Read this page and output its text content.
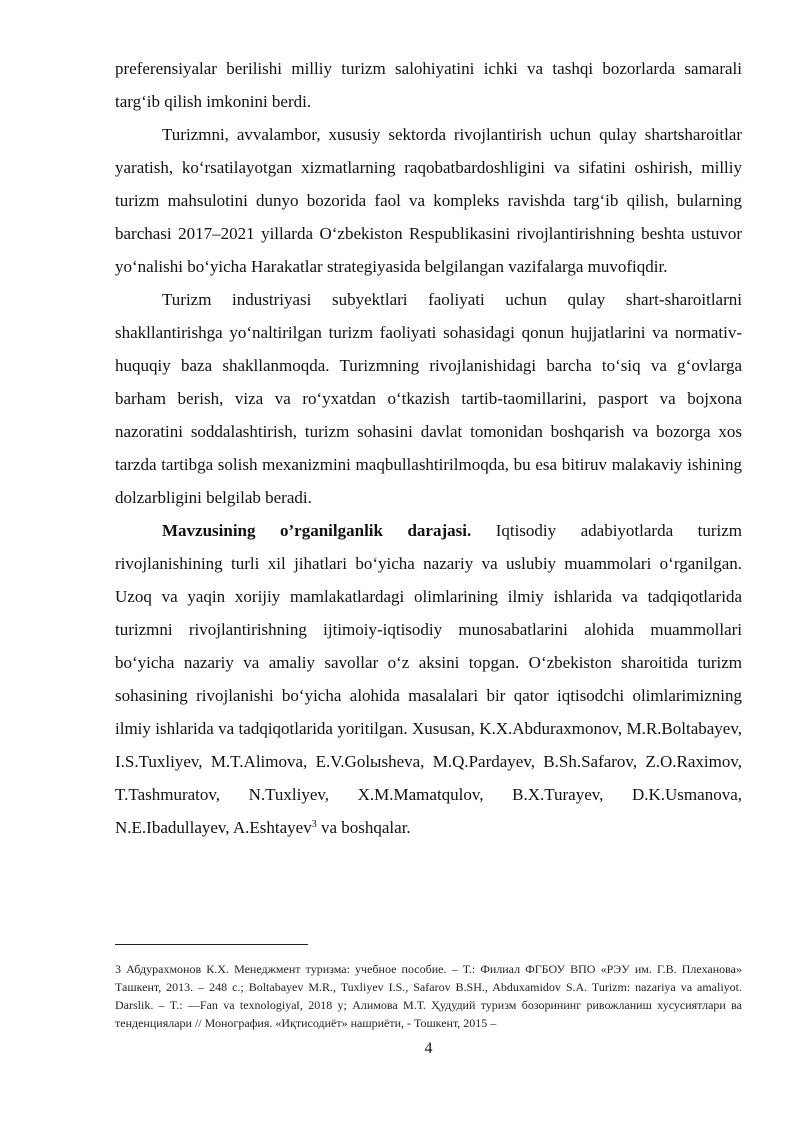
preferensiyalar berilishi milliy turizm salohiyatini ichki va tashqi bozorlarda samarali targ‘ib qilish imkonini berdi.

Turizmni, avvalambor, xususiy sektorda rivojlantirish uchun qulay shartsharoitlar yaratish, ko‘rsatilayotgan xizmatlarning raqobatbardoshligini va sifatini oshirish, milliy turizm mahsulotini dunyo bozorida faol va kompleks ravishda targ‘ib qilish, bularning barchasi 2017–2021 yillarda O‘zbekiston Respublikasini rivojlantirishning beshta ustuvor yo‘nalishi bo‘yicha Harakatlar strategiyasida belgilangan vazifalarga muvofiqdir.

Turizm industriyasi subyektlari faoliyati uchun qulay shart-sharoitlarni shakllantirishga yo‘naltirilgan turizm faoliyati sohasidagi qonun hujjatlarini va normativ-huquqiy baza shakllanmoqda. Turizmning rivojlanishidagi barcha to‘siq va g‘ovlarga barham berish, viza va ro‘yxatdan o‘tkazish tartib-taomillarini, pasport va bojxona nazoratini soddalashtirish, turizm sohasini davlat tomonidan boshqarish va bozorga xos tarzda tartibga solish mexanizmini maqbullashtirilmoqda, bu esa bitiruv malakaviy ishining dolzarbligini belgilab beradi.

Mavzusining o’rganilganlik darajasi. Iqtisodiy adabiyotlarda turizm rivojlanishining turli xil jihatlari bo‘yicha nazariy va uslubiy muammolari o‘rganilgan. Uzoq va yaqin xorijiy mamlakatlardagi olimlarining ilmiy ishlarida va tadqiqotlarida turizmni rivojlantirishning ijtimoiy-iqtisodiy munosabatlarini alohida muammollari bo‘yicha nazariy va amaliy savollar o‘z aksini topgan. O‘zbekiston sharoitida turizm sohasining rivojlanishi bo‘yicha alohida masalalari bir qator iqtisodchi olimlarimizning ilmiy ishlarida va tadqiqotlarida yoritilgan. Xususan, K.X.Abduraxmonov, M.R.Boltabayev, I.S.Tuxliyev, M.T.Alimova, E.V.Golыsheva, M.Q.Pardayev, B.Sh.Safarov, Z.O.Raximov, T.Tashmuratov, N.Tuxliyev, X.M.Mamatqulov, B.X.Turayev, D.K.Usmanova, N.E.Ibadullayev, A.Eshtayev$^3$ va boshqalar.

3 Абдурахмонов К.Х. Менеджмент туризма: учебное пособие. – Т.: Филиал ФГБОУ ВПО «РЭУ им. Г.В. Плеханова» Ташкент, 2013. – 248 с.; Boltabayev M.R., Tuxliyev I.S., Safarov B.SH., Abduxamidov S.A. Turizm: nazariya va amaliyot. Darslik. – T.: ―Fan va texnologiya‖, 2018 y; Алимова М.Т. Ҳудудий туризм бозорининг ривожланиш хусусиятлари ва тенденциялари // Монография. «Иқтисодиёт» нашриёти, - Тошкент, 2015 –
4
